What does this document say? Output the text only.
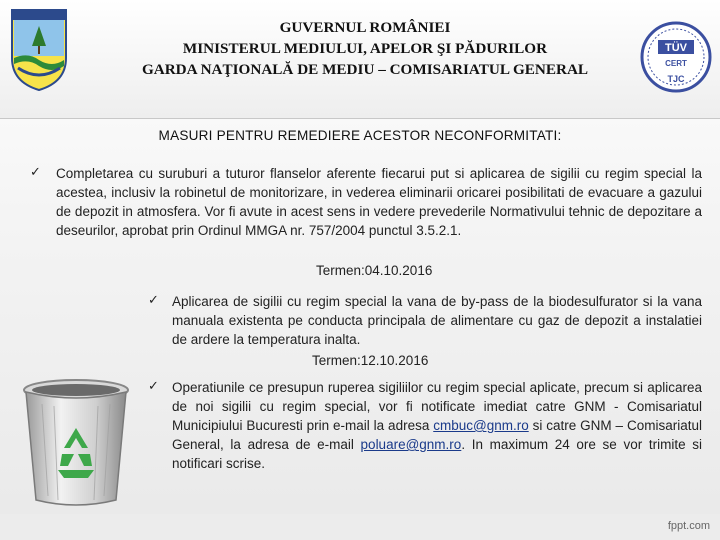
GUVERNUL ROMÂNIEI
MINISTERUL MEDIULUI, APELOR ŞI PĂDURILOR
GARDA NAŢIONALĂ DE MEDIU – COMISARIATUL GENERAL
TÜV
CERT
TJC
MASURI PENTRU REMEDIERE ACESTOR NECONFORMITATI:
✓ Completarea cu suruburi a tuturor flanselor aferente fiecarui put si aplicarea de sigilii cu regim special la acestea, inclusiv la robinetul de monitorizare, in vederea eliminarii oricarei posibilitati de evacuare a gazului de depozit in atmosfera. Vor fi avute in acest sens in vedere prevederile Normativului tehnic de depozitare a deseurilor, aprobat prin Ordinul MMGA nr. 757/2004 punctul 3.5.2.1.
Termen:04.10.2016
✓ Aplicarea de sigilii cu regim special la vana de by-pass de la biodesulfurator si la vana manuala existenta pe conducta principala de alimentare cu gaz de depozit a instalatiei de ardere la temperatura inalta.
Termen:12.10.2016
✓ Operatiunile ce presupun ruperea sigiliilor cu regim special aplicate, precum si aplicarea de noi sigilii cu regim special, vor fi notificate imediat catre GNM - Comisariatul Municipiului Bucuresti prin e-mail la adresa cmbuc@gnm.ro si catre GNM – Comisariatul General, la adresa de e-mail poluare@gnm.ro. In maximum 24 ore se vor trimite si notificari scrise.
fppt.com
